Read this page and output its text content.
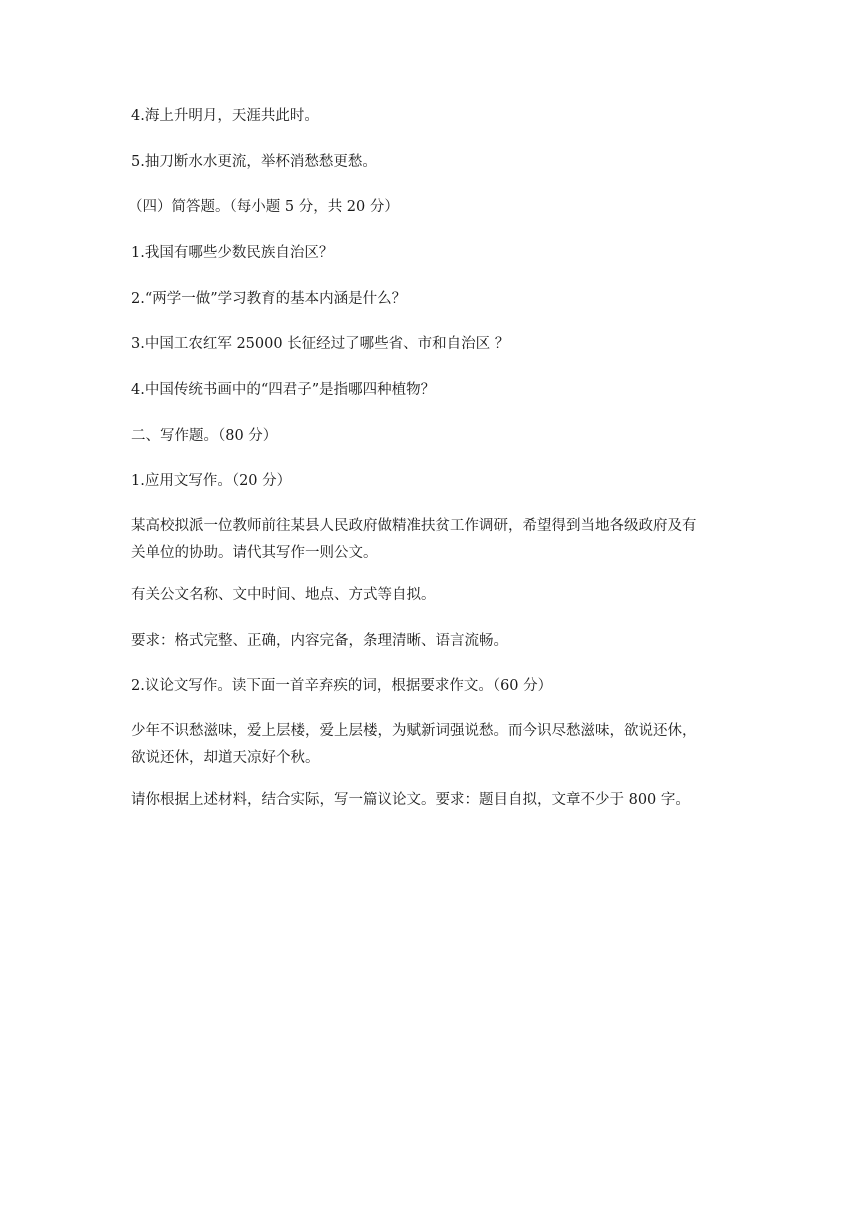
4.海上升明月，天涯共此时。
5.抽刀断水水更流，举杯消愁愁更愁。
（四）简答题。（每小题 5 分，共 20 分）
1.我国有哪些少数民族自治区？
2.“两学一做”学习教育的基本内涵是什么？
3.中国工农红军 25000 长征经过了哪些省、市和自治区 ？
4.中国传统书画中的“四君子”是指哪四种植物？
二、写作题。（80 分）
1.应用文写作。（20 分）
某高校拟派一位教师前往某县人民政府做精准扶贫工作调研，希望得到当地各级政府及有
关单位的协助。请代其写作一则公文。
有关公文名称、文中时间、地点、方式等自拟。
要求：格式完整、正确，内容完备，条理清晰、语言流畅。
2.议论文写作。读下面一首辛弃疾的词，根据要求作文。（60 分）
少年不识愁滋味，爱上层楼，爱上层楼，为赋新词强说愁。而今识尽愁滋味，欲说还休，
欲说还休，却道天凉好个秋。
请你根据上述材料，结合实际，写一篇议论文。要求：题目自拟，文章不少于 800 字。
